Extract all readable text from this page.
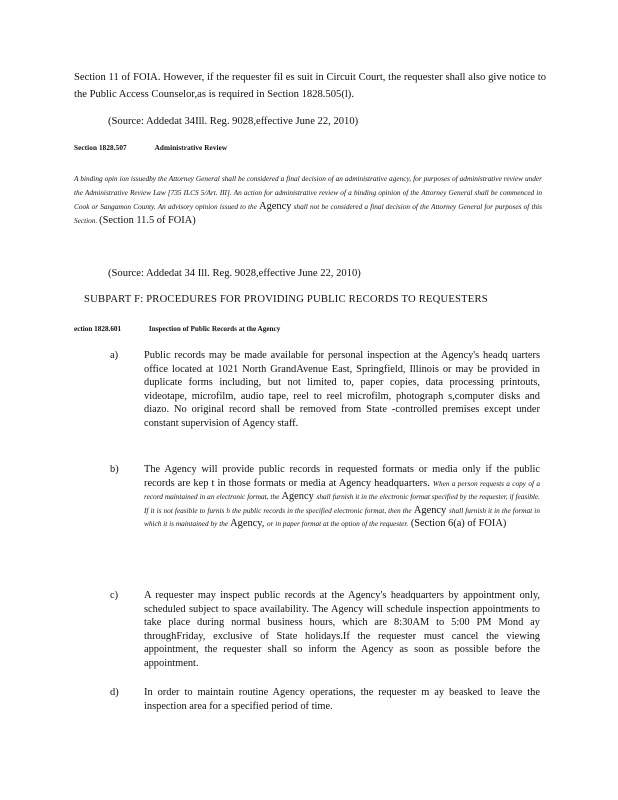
Section 11 of FOIA. However, if the requester fil es suit in Circuit Court, the requester shall also give notice to the Public Access Counselor,as is required in Section 1828.505(l).
(Source: Addedat 34Ill. Reg. 9028,effective June 22, 2010)
Section 1828.507	Administrative Review
A binding opin ion issuedby the Attorney General shall be considered a final decision of an administrative agency, for purposes of administrative review under the Administrative Review Law [735 ILCS 5/Art. III]. An action for administrative review of a binding opinion of the Attorney General shall be commenced in Cook or Sangamon County. An advisory opinion issued to the Agency shall not be considered a final decision of the Attorney General for purposes of this Section. (Section 11.5 of FOIA)
(Source: Addedat 34 Ill. Reg. 9028,effective June 22, 2010)
SUBPART F: PROCEDURES FOR PROVIDING PUBLIC RECORDS TO REQUESTERS
ection 1828.601	Inspection of Public Records at the Agency
a)	Public records may be made available for personal inspection at the Agency's headq uarters office located at 1021 North GrandAvenue East, Springfield, Illinois or may be provided in duplicate forms including, but not limited to, paper copies, data processing printouts, videotape, microfilm, audio tape, reel to reel microfilm, photograph s,computer disks and diazo. No original record shall be removed from State -controlled premises except under constant supervision of Agency staff.
b)	The Agency will provide public records in requested formats or media only if the public records are kep t in those formats or media at Agency headquarters. When a person requests a copy of a record maintained in an electronic format, the Agency shall furnish it in the electronic format specified by the requester, if feasible. If it is not feasible to furnis h the public records in the specified electronic format, then the Agency shall furnish it in the format in which it is maintained by the Agency, or in paper format at the option of the requester. (Section 6(a) of FOIA)
c)	A requester may inspect public records at the Agency's headquarters by appointment only, scheduled subject to space availability. The Agency will schedule inspection appointments to take place during normal business hours, which are 8:30AM to 5:00 PM Mond ay throughFriday, exclusive of State holidays.If the requester must cancel the viewing appointment, the requester shall so inform the Agency as soon as possible before the appointment.
d)	In order to maintain routine Agency operations, the requester m ay beasked to leave the inspection area for a specified period of time.
